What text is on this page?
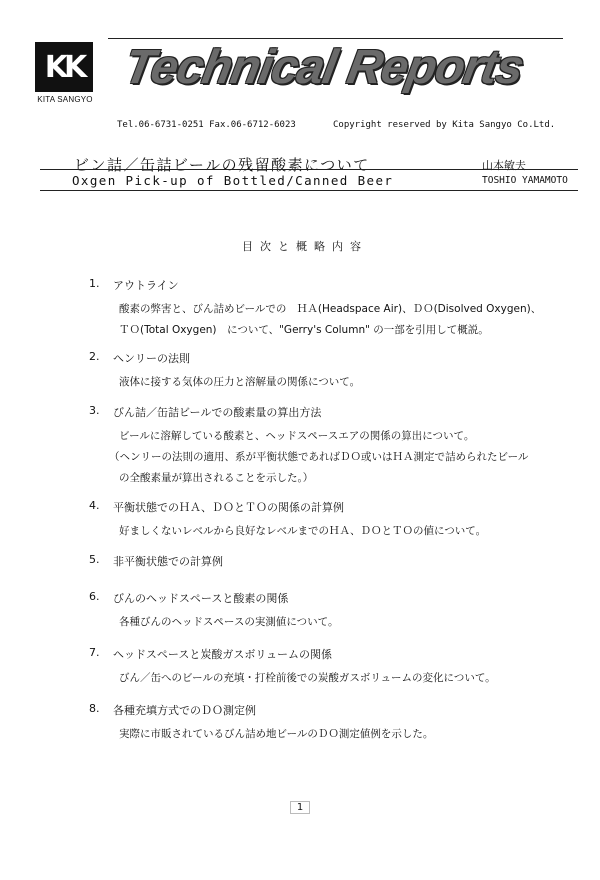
KK
KITA SANGYO
Technical Reports
Tel.06-6731-0251 Fax.06-6712-6023	Copyright reserved by Kita Sangyo Co.Ltd.
ビン詰／缶詰ビールの残留酸素について	山本敏夫
Oxgen Pick-up of Bottled/Canned Beer	TOSHIO YAMAMOTO
目次と概略内容
1. アウトライン
酸素の弊害と、びん詰めビールでの　ＨＡ(Headspace Air)、ＤＯ(Disolved Oxygen)、
ＴＯ(Total Oxygen)　について、"Gerry's Column" の一部を引用して概説。
2. ヘンリーの法則
液体に接する気体の圧力と溶解量の関係について。
3. びん詰／缶詰ビールでの酸素量の算出方法
ビールに溶解している酸素と、ヘッドスペースエアの関係の算出について。
（ヘンリーの法則の適用、系が平衡状態であればＤＯ或いはＨＡ測定で詰められたビール
の全酸素量が算出されることを示した。）
4. 平衡状態でのＨＡ、ＤＯとＴＯの関係の計算例
好ましくないレベルから良好なレベルまでのＨＡ、ＤＯとＴＯの値について。
5. 非平衡状態での計算例
6. びんのヘッドスペースと酸素の関係
各種びんのヘッドスペースの実測値について。
7. ヘッドスペースと炭酸ガスボリュームの関係
びん／缶へのビールの充填・打栓前後での炭酸ガスボリュームの変化について。
8. 各種充填方式でのＤＯ測定例
実際に市販されているびん詰め地ビールのＤＯ測定値例を示した。
1
